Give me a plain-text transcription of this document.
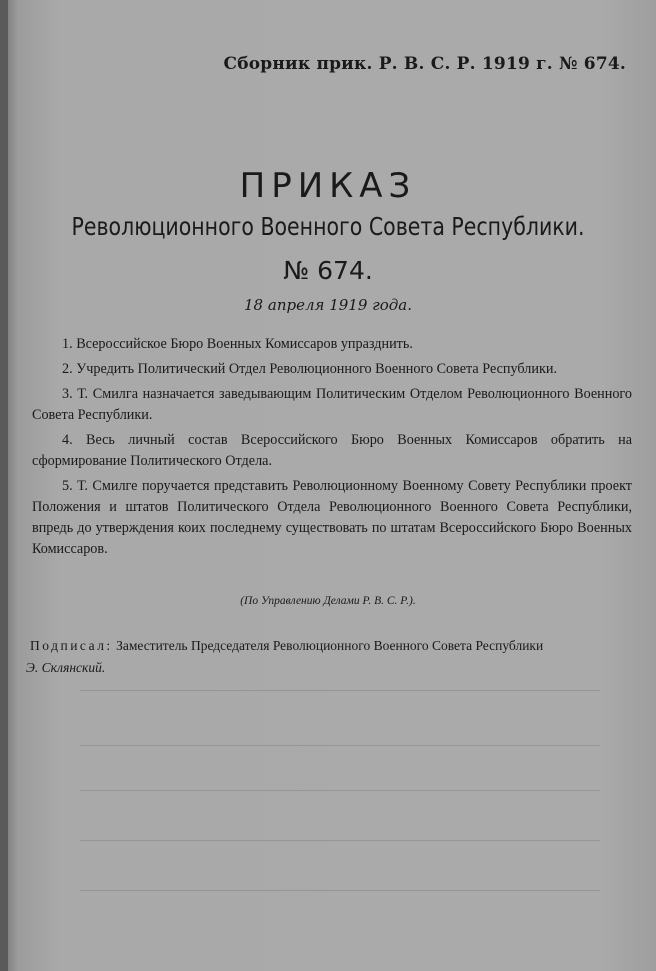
Сборник прик. Р. В. С. Р. 1919 г. № 674.
ПРИКАЗ
Революционного Военного Совета Республики.
№ 674.
18 апреля 1919 года.

1. Всероссийское Бюро Военных Комиссаров упразднить.

2. Учредить Политический Отдел Революционного Военного Совета Республики.

3. Т. Смилга назначается заведывающим Политическим Отделом Революционного Военного Совета Республики.

4. Весь личный состав Всероссийского Бюро Военных Комиссаров обратить на сформирование Политического Отдела.

5. Т. Смилге поручается представить Революционному Военному Совету Республики проект Положения и штатов Политического Отдела Революционного Военного Совета Республики, впредь до утверждения коих последнему существовать по штатам Всероссийского Бюро Военных Комиссаров.

(По Управлению Делами Р. В. С. Р.).
Подписал: Заместитель Председателя Революционного Военного Совета Республики
Э. Склянский.
